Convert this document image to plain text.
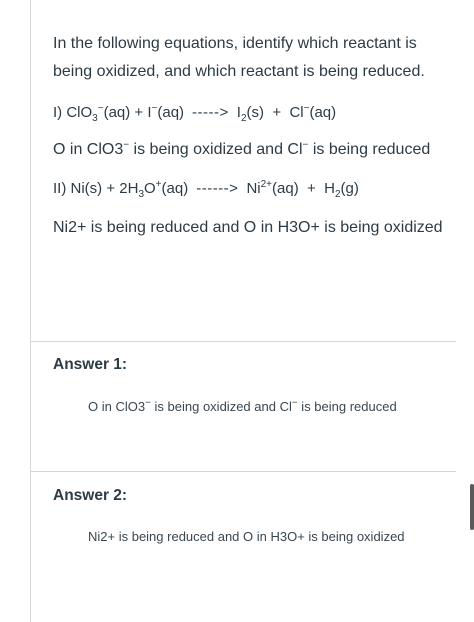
In the following equations, identify which reactant is being oxidized, and which reactant is being reduced.

I) ClO$_3$−(aq) + I−(aq) -----> $I_2(s) + Cl^-(aq)$

O in ClO3− is being oxidized and Cl− is being reduced

II) $Ni(s) + 2H_3O^+(aq)$ ------> $Ni^{2+}(aq) + H_2(g)$

Ni2+ is being reduced and O in H3O+ is being oxidized

Answer 1:
O in ClO3− is being oxidized and Cl− is being reduced
Answer 2:
Ni2+ is being reduced and O in H3O+ is being oxidized
